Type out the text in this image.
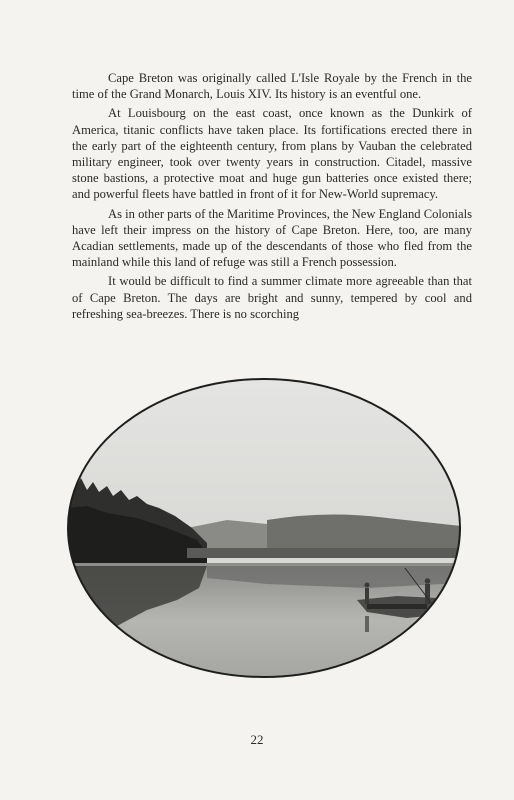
Cape Breton was originally called L'Isle Royale by the French in the time of the Grand Monarch, Louis XIV. Its history is an eventful one.

At Louisbourg on the east coast, once known as the Dunkirk of America, titanic conflicts have taken place. Its fortifications erected there in the early part of the eighteenth century, from plans by Vauban the celebrated military engineer, took over twenty years in construction. Citadel, massive stone bastions, a protective moat and huge gun batteries once existed there; and powerful fleets have battled in front of it for New-World supremacy.

As in other parts of the Maritime Provinces, the New England Colonials have left their impress on the history of Cape Breton. Here, too, are many Acadian settlements, made up of the descendants of those who fled from the mainland while this land of refuge was still a French possession.

It would be difficult to find a summer climate more agreeable than that of Cape Breton. The days are bright and sunny, tempered by cool and refreshing sea-breezes. There is no scorching

22
